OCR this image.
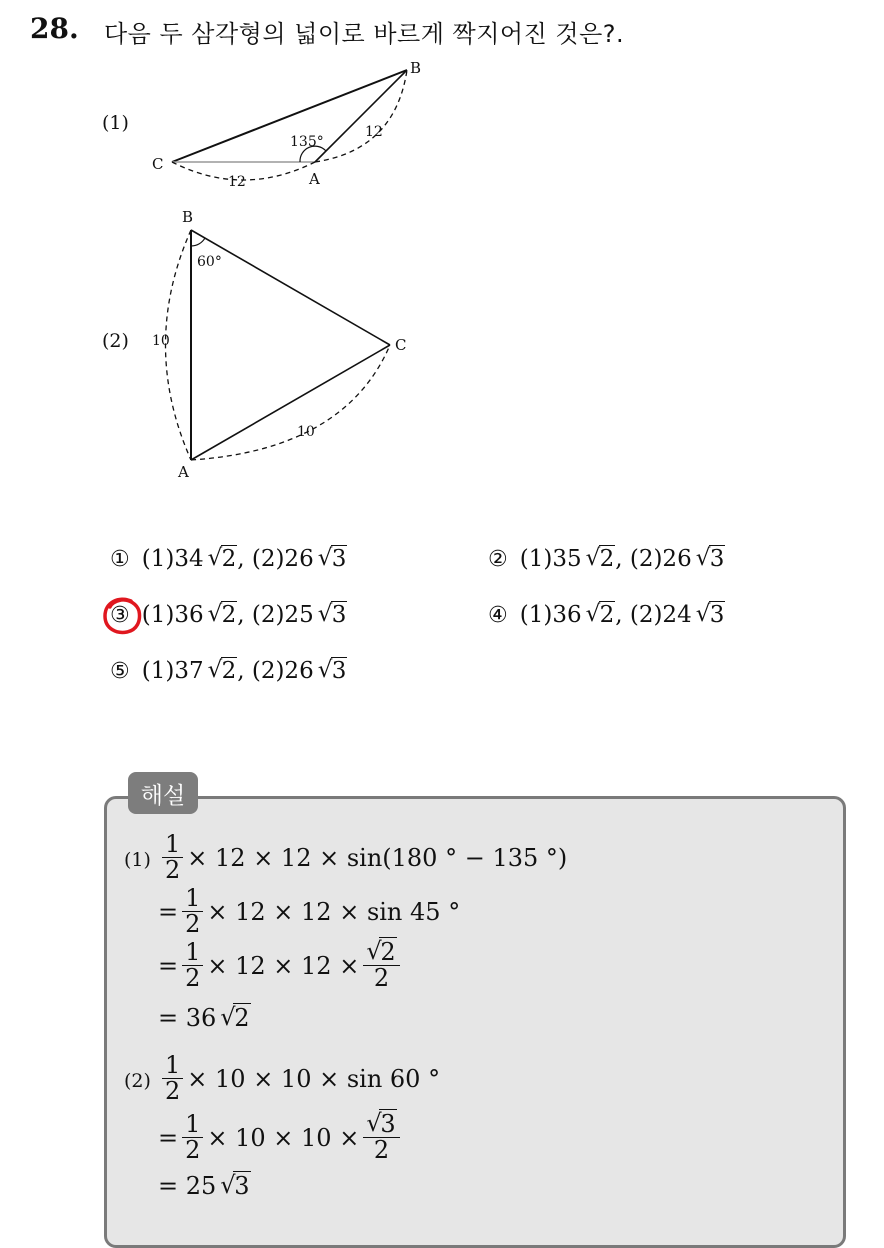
28. 다음 두 삼각형의 넓이로 바르게 짝지어진 것은?.
(1)
(2)
B
C
A
135°
12
12
B
C
A
60°
10
10
① (1)34 √ 2, (2)26 √ 3	② (1)35 √ 2, (2)26 √ 3
③ (1)36 √ 2, (2)25 √ 3	④ (1)36 √ 2, (2)24 √ 3
⑤ (1)37 √ 2, (2)26 √ 3
해설
$(1) \frac{1}{2} \times 12 \times 12 \times \sin(180$ ° − 135 °)
= $\frac{1}{2} \times 12 \times 12 \times \sin 45$ °
= $\frac{1}{2} \times 12 \times 12$ × √ $\frac{2}{2}$
= 36 √ 2
$(2) \frac{1}{2} \times 10 \times 10 \times \sin 60$ °
= $\frac{1}{2} \times 10 \times 10$ × √ $\frac{3}{2}$
= 25 √ 3
